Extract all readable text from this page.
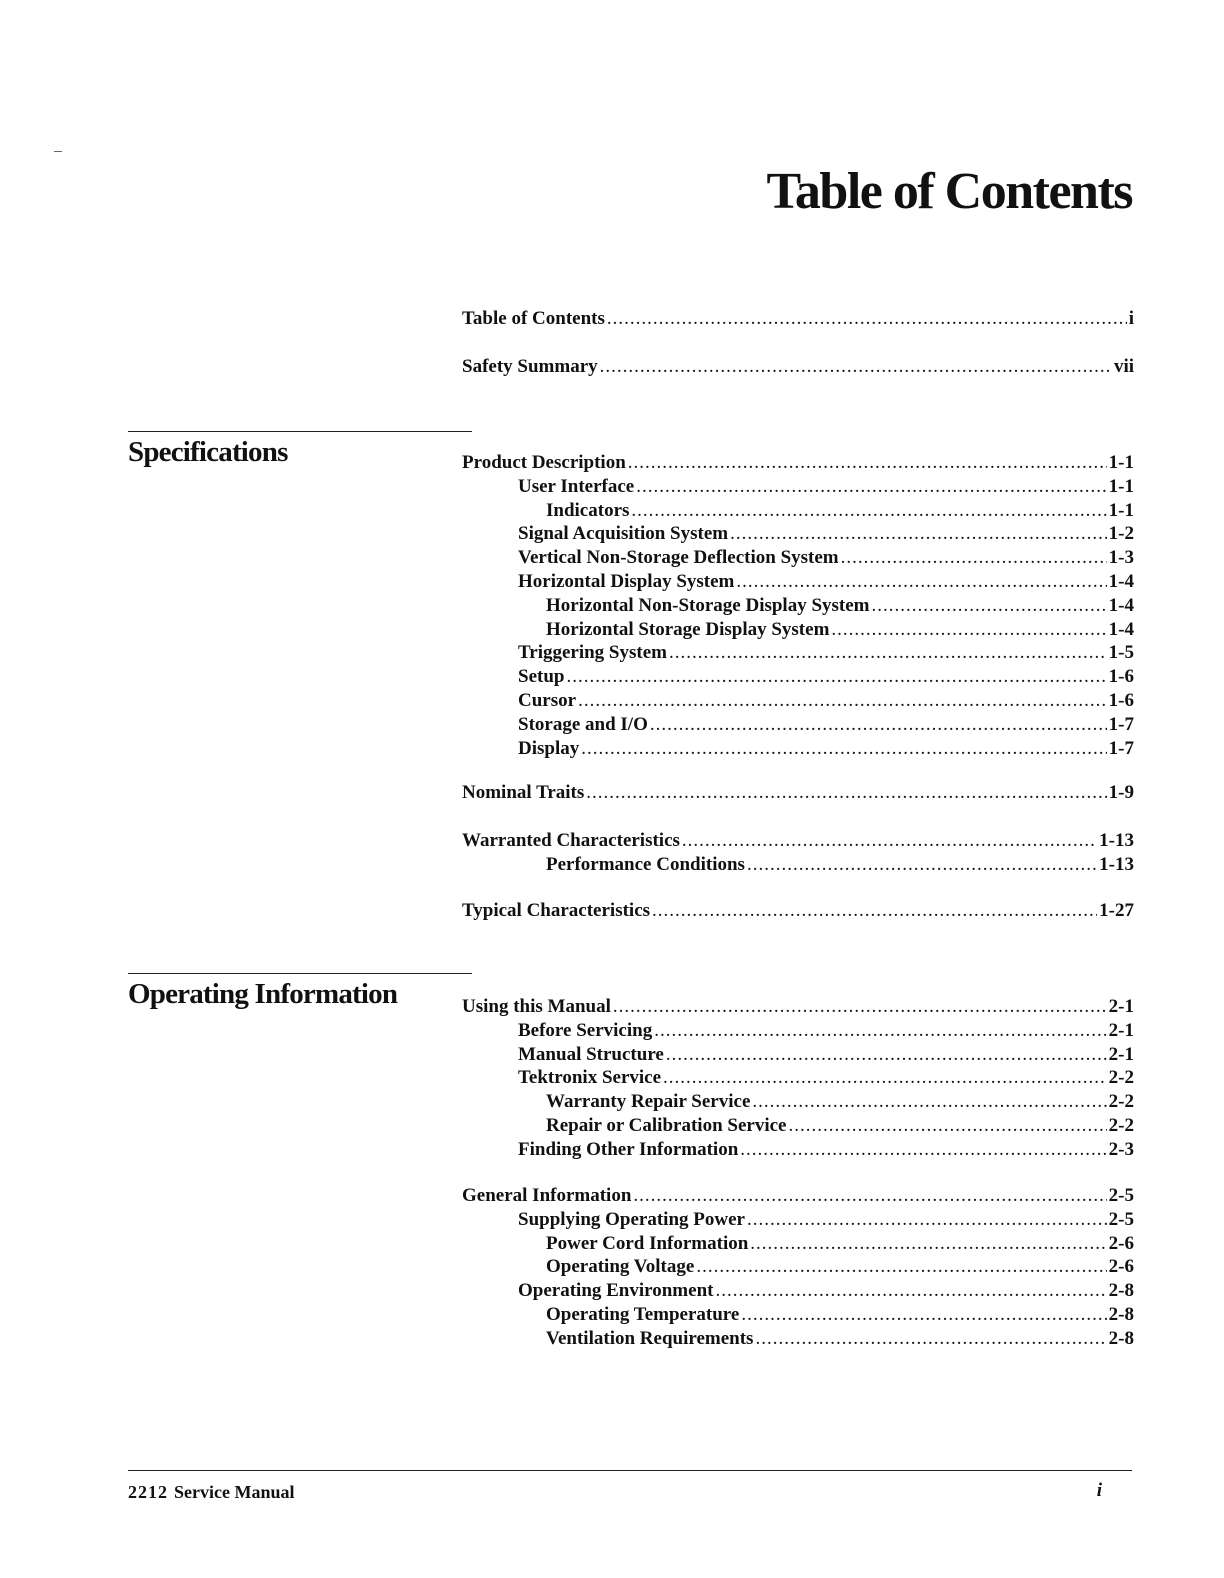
Table of Contents
Table of Contents .....	i
Safety Summary .....	vii
Specifications	Product Description .....	1-1
User Interface .....	1-1
Indicators .....	1-1
Signal Acquisition System .....	1-2
Vertical Non-Storage Deflection System .....	1-3
Horizontal Display System .....	1-4
Horizontal Non-Storage Display System .....	1-4
Horizontal Storage Display System .....	1-4
Triggering System .....	1-5
Setup .....	1-6
Cursor .....	1-6
Storage and I/O .....	1-7
Display .....	1-7
Nominal Traits .....	1-9
Warranted Characteristics .....	1-13
Performance Conditions .....	1-13
Typical Characteristics .....	1-27
Operating Information	Using this Manual .....	2-1
Before Servicing .....	2-1
Manual Structure .....	2-1
Tektronix Service .....	2-2
Warranty Repair Service .....	2-2
Repair or Calibration Service .....	2-2
Finding Other Information .....	2-3
General Information .....	2-5
Supplying Operating Power .....	2-5
Power Cord Information .....	2-6
Operating Voltage .....	2-6
Operating Environment .....	2-8
Operating Temperature .....	2-8
Ventilation Requirements .....	2-8
2212 Service Manual	i
